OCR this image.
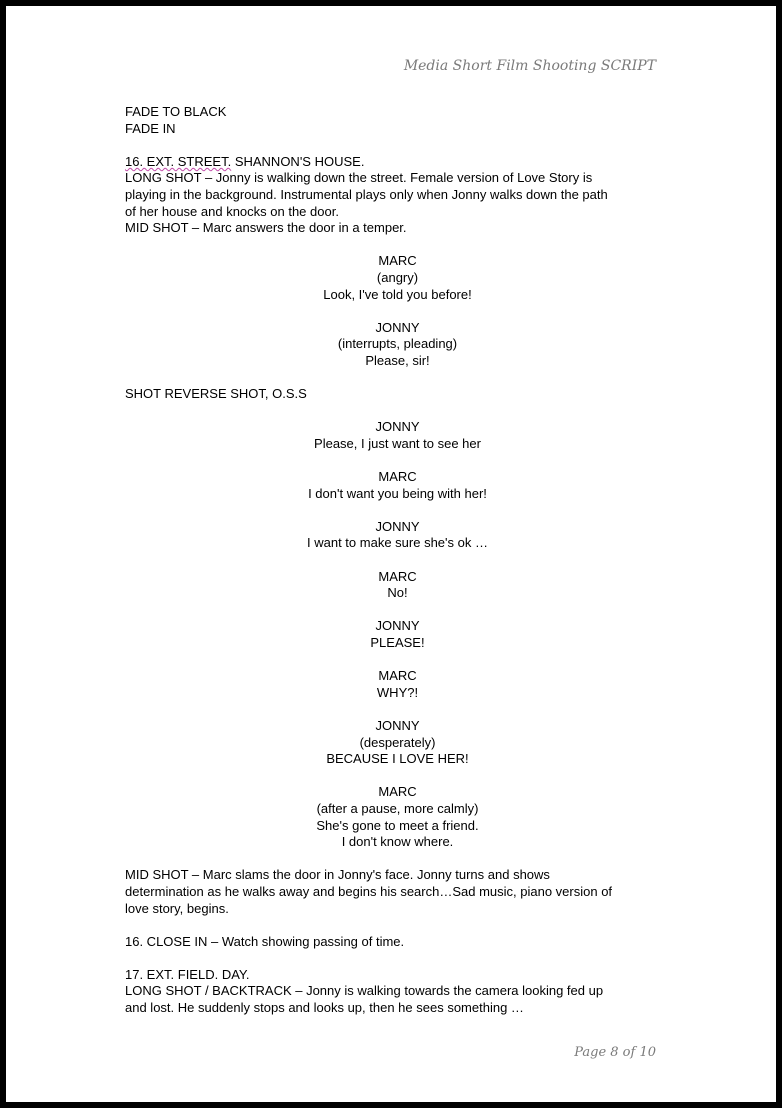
Media Short Film Shooting SCRIPT
FADE TO BLACK
FADE IN
16. EXT. STREET. SHANNON'S HOUSE.
LONG SHOT – Jonny is walking down the street. Female version of Love Story is
playing in the background. Instrumental plays only when Jonny walks down the path
of her house and knocks on the door.
MID SHOT – Marc answers the door in a temper.
MARC
(angry)
Look, I've told you before!
JONNY
(interrupts, pleading)
Please, sir!
SHOT REVERSE SHOT, O.S.S
JONNY
Please, I just want to see her
MARC
I don't want you being with her!
JONNY
I want to make sure she's ok …
MARC
No!
JONNY
PLEASE!
MARC
WHY?!
JONNY
(desperately)
BECAUSE I LOVE HER!
MARC
(after a pause, more calmly)
She's gone to meet a friend.
I don't know where.
MID SHOT – Marc slams the door in Jonny's face. Jonny turns and shows
determination as he walks away and begins his search…Sad music, piano version of
love story, begins.
16. CLOSE IN – Watch showing passing of time.
17. EXT. FIELD. DAY.
LONG SHOT / BACKTRACK – Jonny is walking towards the camera looking fed up
and lost. He suddenly stops and looks up, then he sees something …
Page 8 of 10
